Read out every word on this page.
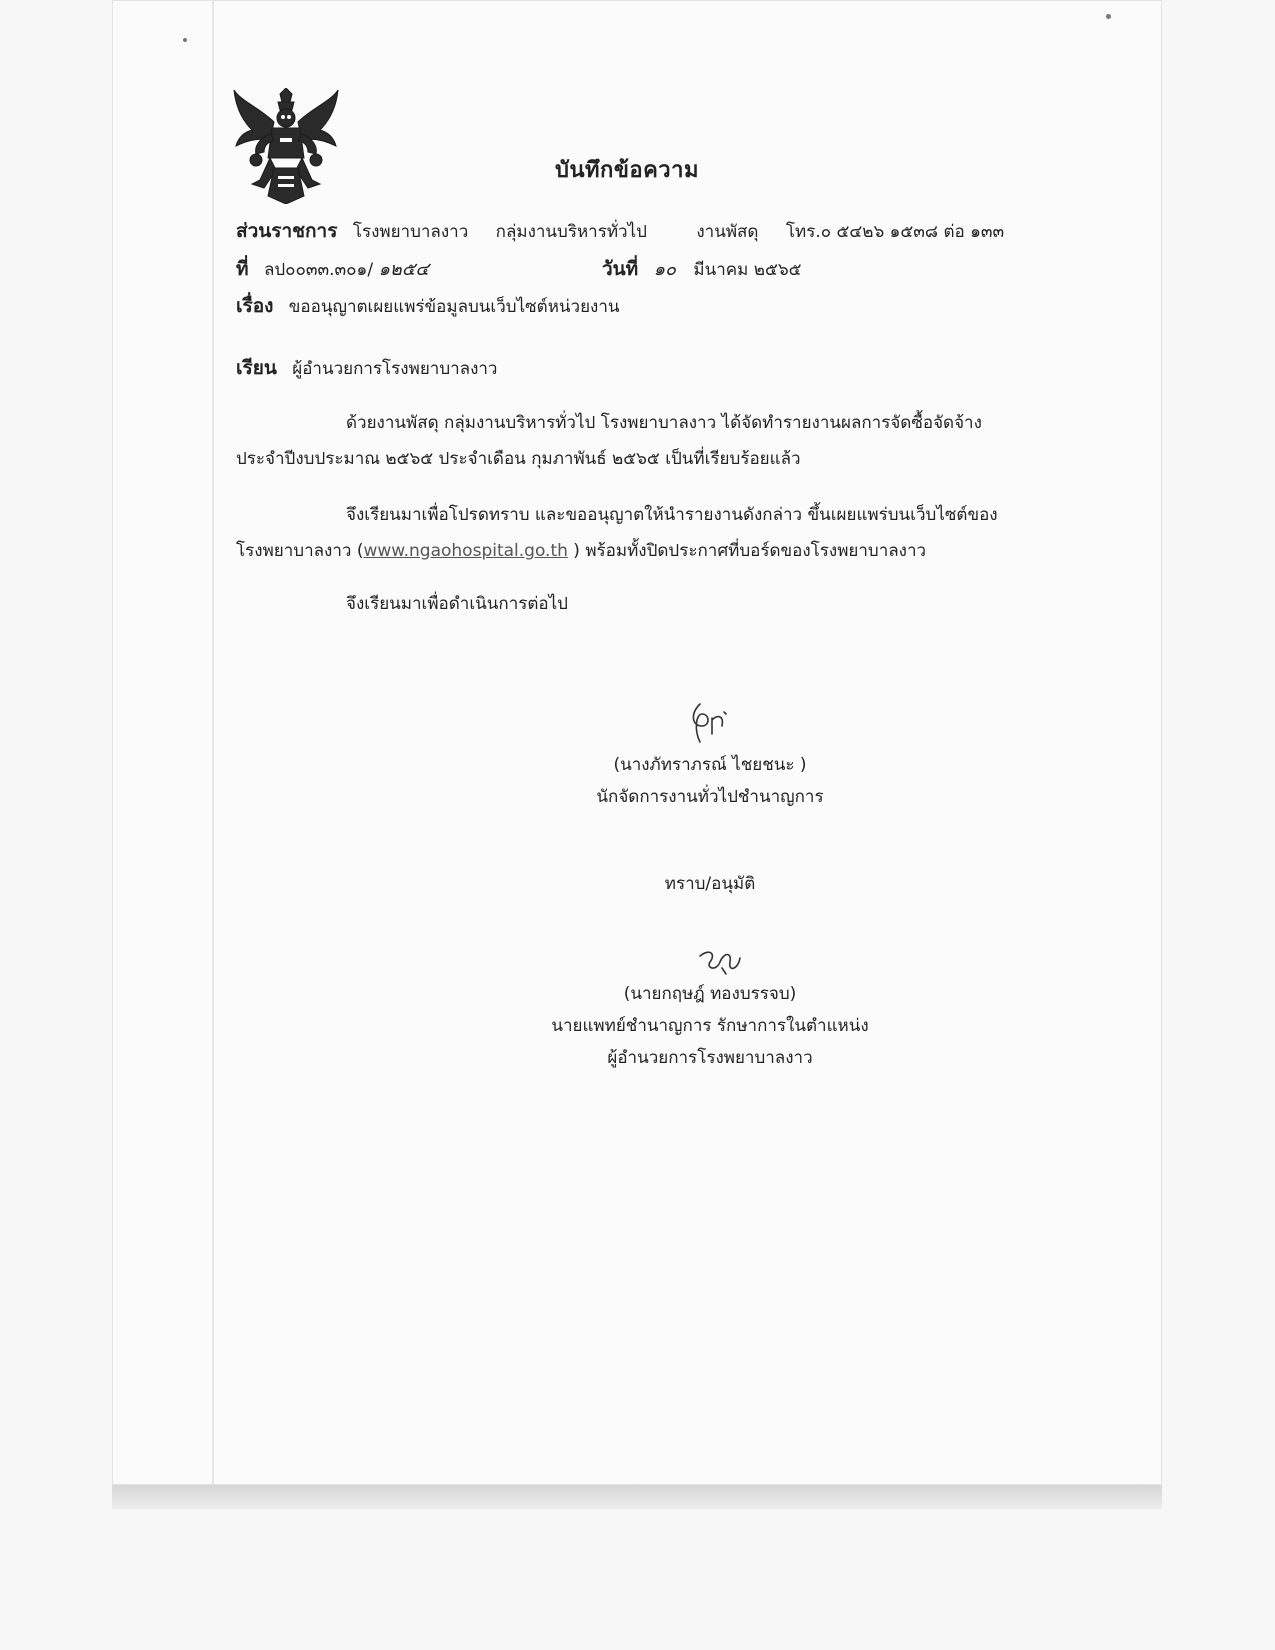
บันทึกข้อความ
ส่วนราชการ โรงพยาบาลงาว กลุ่มงานบริหารทั่วไป	งานพัสดุ โทร.๐ ๕๔๒๖ ๑๕๓๘ ต่อ ๑๓๓
ที่ ลป๐๐๓๓.๓๐๑/ ๑๒๕๔	วันที่ ๑๐ มีนาคม ๒๕๖๕
เรื่อง ขออนุญาตเผยแพร่ข้อมูลบนเว็บไซต์หน่วยงาน
เรียน ผู้อำนวยการโรงพยาบาลงาว
ด้วยงานพัสดุ กลุ่มงานบริหารทั่วไป โรงพยาบาลงาว ได้จัดทำรายงานผลการจัดซื้อจัดจ้าง
ประจำปีงบประมาณ ๒๕๖๕ ประจำเดือน กุมภาพันธ์ ๒๕๖๕ เป็นที่เรียบร้อยแล้ว
จึงเรียนมาเพื่อโปรดทราบ และขออนุญาตให้นำรายงานดังกล่าว ขึ้นเผยแพร่บนเว็บไซต์ของ
โรงพยาบาลงาว (www.ngaohospital.go.th ) พร้อมทั้งปิดประกาศที่บอร์ดของโรงพยาบาลงาว
จึงเรียนมาเพื่อดำเนินการต่อไป
(นางภัทราภรณ์ ไชยชนะ )
นักจัดการงานทั่วไปชำนาญการ
ทราบ/อนุมัติ
(นายกฤษฎ์ ทองบรรจบ)
นายแพทย์ชำนาญการ รักษาการในตำแหน่ง
ผู้อำนวยการโรงพยาบาลงาว
